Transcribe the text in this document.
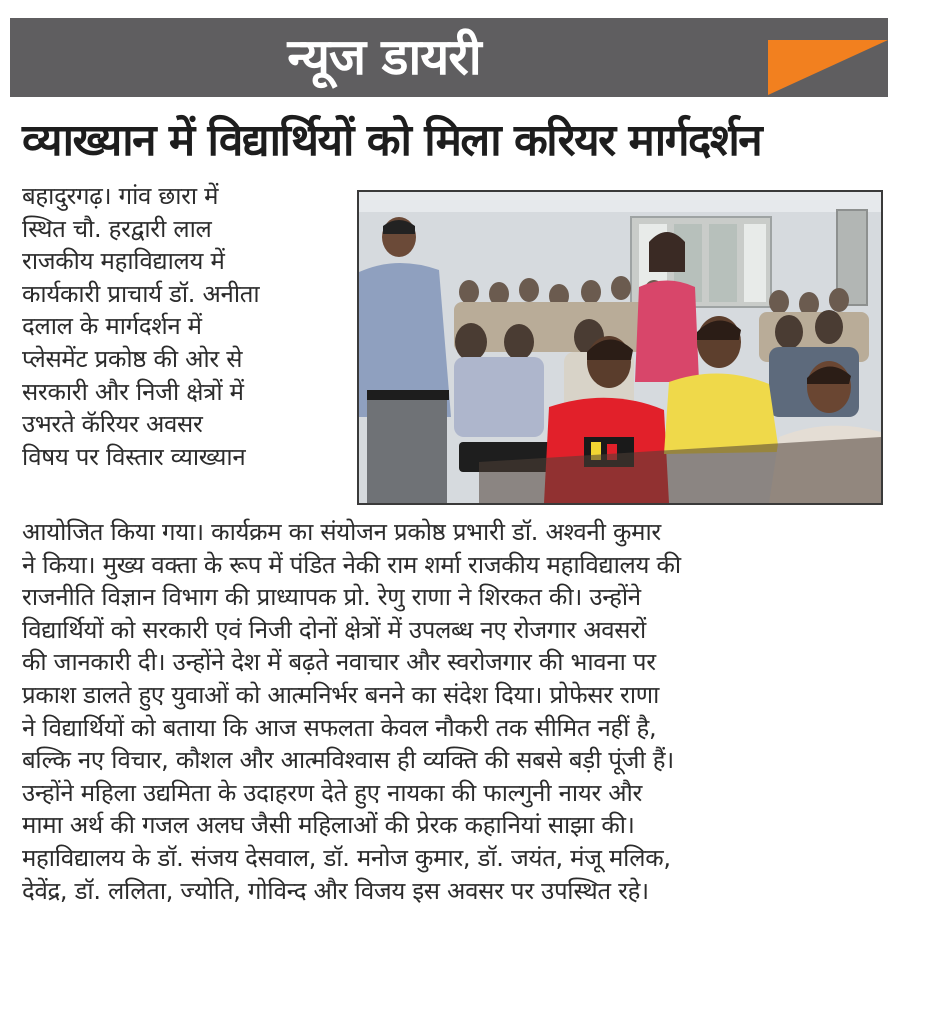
न्यूज डायरी
व्याख्यान में विद्यार्थियों को मिला करियर मार्गदर्शन
बहादुरगढ़। गांव छारा में
स्थित चौ. हरद्वारी लाल
राजकीय महाविद्यालय में
कार्यकारी प्राचार्य डॉ. अनीता
दलाल के मार्गदर्शन में
प्लेसमेंट प्रकोष्ठ की ओर से
सरकारी और निजी क्षेत्रों में
उभरते कॅरियर अवसर
विषय पर विस्तार व्याख्यान
आयोजित किया गया। कार्यक्रम का संयोजन प्रकोष्ठ प्रभारी डॉ. अश्वनी कुमार
ने किया। मुख्य वक्ता के रूप में पंडित नेकी राम शर्मा राजकीय महाविद्यालय की
राजनीति विज्ञान विभाग की प्राध्यापक प्रो. रेणु राणा ने शिरकत की। उन्होंने
विद्यार्थियों को सरकारी एवं निजी दोनों क्षेत्रों में उपलब्ध नए रोजगार अवसरों
की जानकारी दी। उन्होंने देश में बढ़ते नवाचार और स्वरोजगार की भावना पर
प्रकाश डालते हुए युवाओं को आत्मनिर्भर बनने का संदेश दिया। प्रोफेसर राणा
ने विद्यार्थियों को बताया कि आज सफलता केवल नौकरी तक सीमित नहीं है,
बल्कि नए विचार, कौशल और आत्मविश्वास ही व्यक्ति की सबसे बड़ी पूंजी हैं।
उन्होंने महिला उद्यमिता के उदाहरण देते हुए नायका की फाल्गुनी नायर और
मामा अर्थ की गजल अलघ जैसी महिलाओं की प्रेरक कहानियां साझा की।
महाविद्यालय के डॉ. संजय देसवाल, डॉ. मनोज कुमार, डॉ. जयंत, मंजू मलिक,
देवेंद्र, डॉ. ललिता, ज्योति, गोविन्द और विजय इस अवसर पर उपस्थित रहे।
